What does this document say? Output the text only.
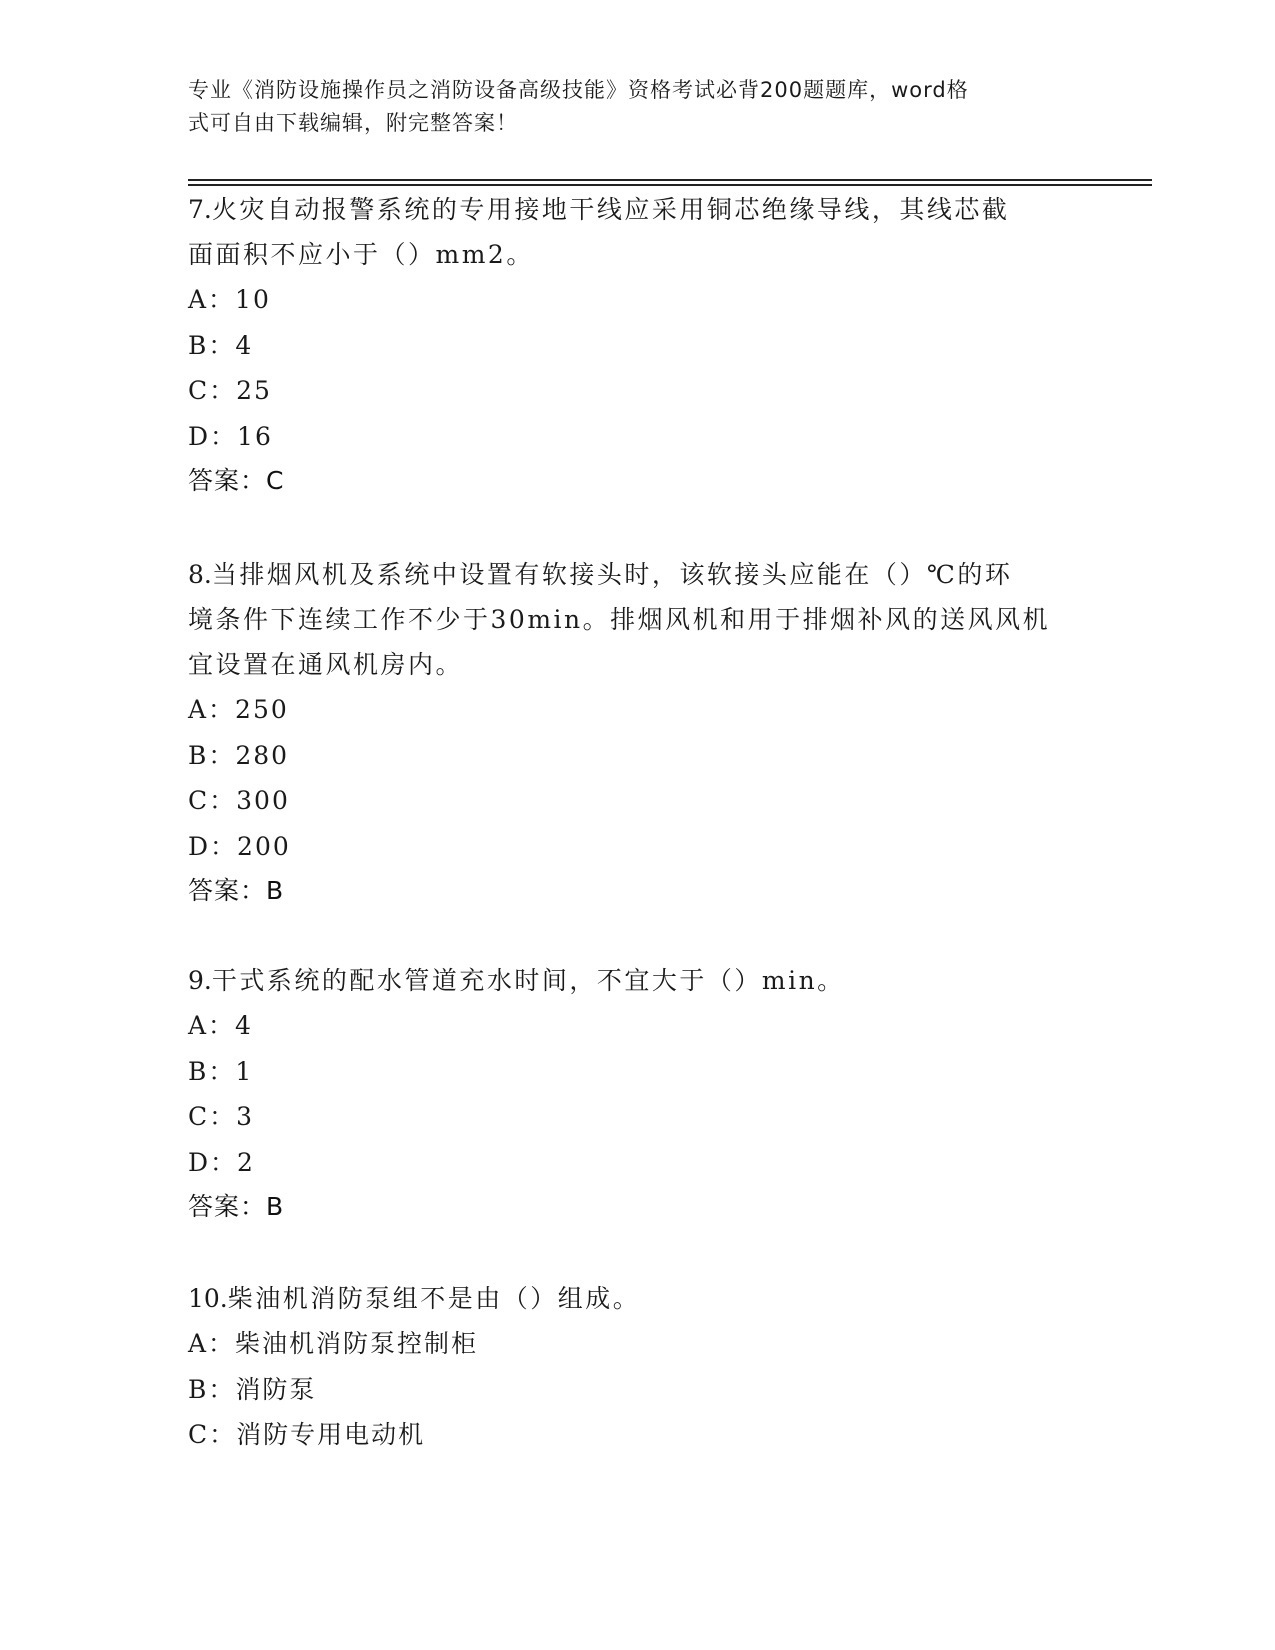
专业《消防设施操作员之消防设备高级技能》资格考试必背200题题库，word格
式可自由下载编辑，附完整答案！
7.火灾自动报警系统的专用接地干线应采用铜芯绝缘导线，其线芯截
面面积不应小于（）mm2。
A：10
B：4
C：25
D：16
答案：C
8.当排烟风机及系统中设置有软接头时，该软接头应能在（）℃的环
境条件下连续工作不少于30min。排烟风机和用于排烟补风的送风风机
宜设置在通风机房内。
A：250
B：280
C：300
D：200
答案：B
9.干式系统的配水管道充水时间，不宜大于（）min。
A：4
B：1
C：3
D：2
答案：B
10.柴油机消防泵组不是由（）组成。
A：柴油机消防泵控制柜
B：消防泵
C：消防专用电动机
